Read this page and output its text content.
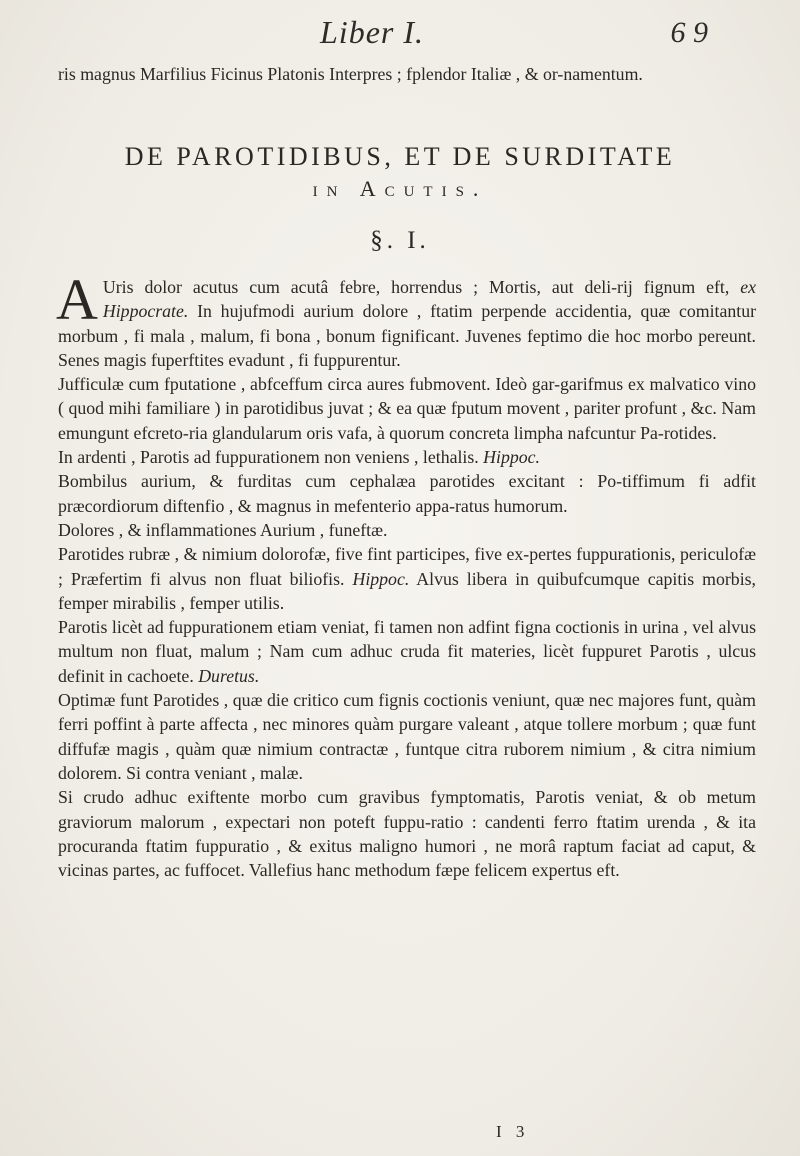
Liber I.	6 9
ris magnus Marfilius Ficinus Platonis Interpres ; fplendor Italiæ , & or-namentum.
DE PAROTIDIBUS, ET DE SURDITATE
in Acutis.
§. I.

A Uris dolor acutus cum acutâ febre, horrendus ; Mortis, aut deli-rij fignum eft, ex Hippocrate. In hujufmodi aurium dolore , ftatim perpende accidentia, quæ comitantur morbum , fi mala , malum, fi bona , bonum fignificant. Juvenes feptimo die hoc morbo pereunt. Senes magis fuperftites evadunt , fi fuppurentur.

Jufficulæ cum fputatione , abfceffum circa aures fubmovent. Ideò gar-garifmus ex malvatico vino ( quod mihi familiare ) in parotidibus juvat ; & ea quæ fputum movent , pariter profunt , &c. Nam emungunt efcreto-ria glandularum oris vafa, à quorum concreta limpha nafcuntur Pa-rotides.

In ardenti , Parotis ad fuppurationem non veniens , lethalis. Hippoc.

Bombilus aurium, & furditas cum cephalæa parotides excitant : Po-tiffimum fi adfit præcordiorum diftenfio , & magnus in mefenterio appa-ratus humorum.

Dolores , & inflammationes Aurium , funeftæ.

Parotides rubræ , & nimium dolorofæ, five fint participes, five ex-pertes fuppurationis, periculofæ ; Præfertim fi alvus non fluat biliofis. Hippoc. Alvus libera in quibufcumque capitis morbis, femper mirabilis , femper utilis.

Parotis licèt ad fuppurationem etiam veniat, fi tamen non adfint figna coctionis in urina , vel alvus multum non fluat, malum ; Nam cum adhuc cruda fit materies, licèt fuppuret Parotis , ulcus definit in cachoete. Duretus.

Optimæ funt Parotides , quæ die critico cum fignis coctionis veniunt, quæ nec majores funt, quàm ferri poffint à parte affecta , nec minores quàm purgare valeant , atque tollere morbum ; quæ funt diffufæ magis , quàm quæ nimium contractæ , funtque citra ruborem nimium , & citra nimium dolorem. Si contra veniant , malæ.

Si crudo adhuc exiftente morbo cum gravibus fymptomatis, Parotis veniat, & ob metum graviorum malorum , expectari non poteft fuppu-ratio : candenti ferro ftatim urenda , & ita procuranda ftatim fuppuratio , & exitus maligno humori , ne morâ raptum faciat ad caput, & vicinas partes, ac fuffocet. Vallefius hanc methodum fæpe felicem expertus eft.

I 3
